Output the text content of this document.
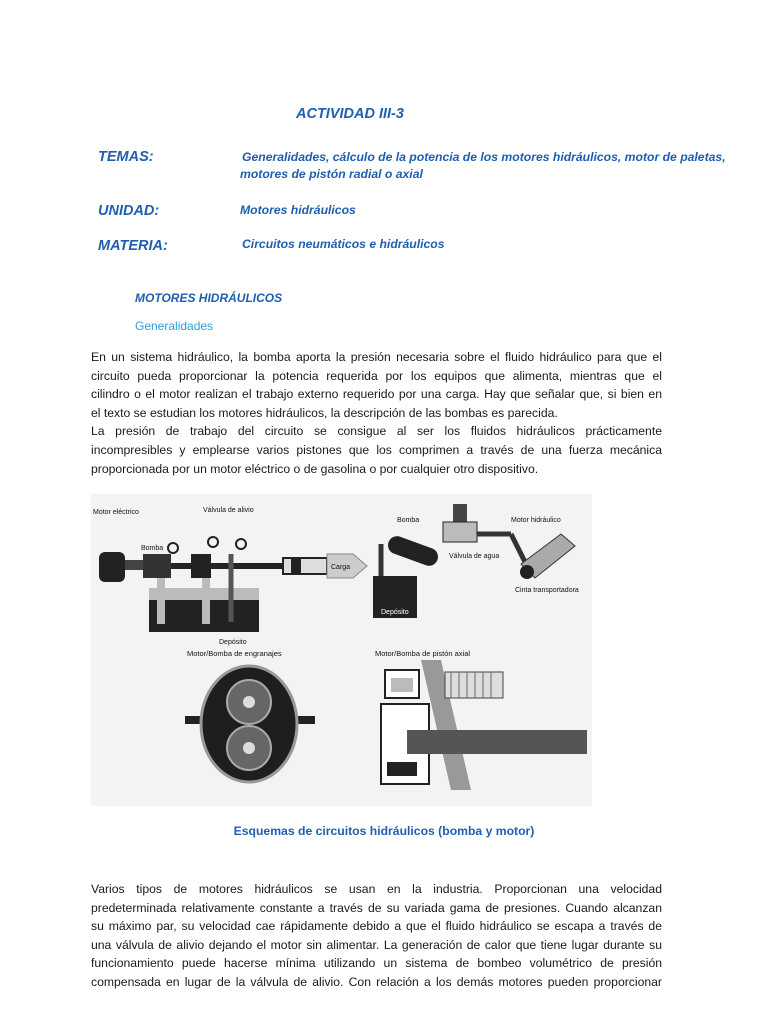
ACTIVIDAD III-3
TEMAS:	Generalidades, cálculo de la potencia de los motores hidráulicos, motor de paletas,
motores de pistón radial o axial
UNIDAD:	Motores hidráulicos
MATERIA:	Circuitos neumáticos e hidráulicos
MOTORES HIDRÁULICOS
Generalidades
En un sistema hidráulico, la bomba aporta la presión necesaria sobre el fluido hidráulico para que el
circuito pueda proporcionar la potencia requerida por los equipos que alimenta, mientras que el
cilindro o el motor realizan el trabajo externo requerido por una carga. Hay que señalar que, si bien en
el texto se estudian los motores hidráulicos, la descripción de las bombas es parecida.
La presión de trabajo del circuito se consigue al ser los fluidos hidráulicos prácticamente
incompresibles y emplearse varios pistones que los comprimen a través de una fuerza mecánica
proporcionada por un motor eléctrico o de gasolina o por cualquier otro dispositivo.
Motor eléctrico
Bomba
Válvula de alivio
Carga
Depósito
Bomba	Motor hidráulico
Válvula de agua
Cinta transportadora
Depósito
Motor/Bomba de engranajes	Motor/Bomba de pistón axial
Esquemas de circuitos hidráulicos (bomba y motor)
Varios tipos de motores hidráulicos se usan en la industria. Proporcionan una velocidad
predeterminada relativamente constante a través de su variada gama de presiones. Cuando alcanzan
su máximo par, su velocidad cae rápidamente debido a que el fluido hidráulico se escapa a través de
una válvula de alivio dejando el motor sin alimentar. La generación de calor que tiene lugar durante su
funcionamiento puede hacerse mínima utilizando un sistema de bombeo volumétrico de presión
compensada en lugar de la válvula de alivio. Con relación a los demás motores pueden proporcionar
